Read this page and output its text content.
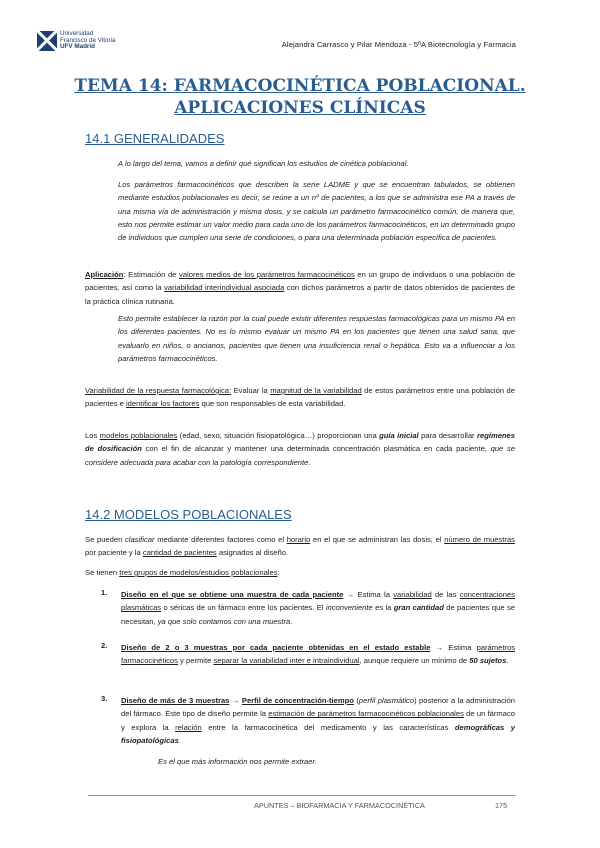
Universidad
Francisco de Vitoria
UFV Madrid	Alejandra Carrasco y Pilar Mendoza - 5ºA Biotecnología y Farmacia
TEMA 14: FARMACOCINÉTICA POBLACIONAL.
APLICACIONES CLÍNICAS
14.1 GENERALIDADES
A lo largo del tema, vamos a definir qué significan los estudios de cinética poblacional.
Los parámetros farmacocinéticos que describen la serie LADME y que se encuentran tabulados, se obtienen mediante estudios poblacionales es decir, se reúne a un nº de pacientes, a los que se administra ese PA a través de una misma vía de administración y misma dosis, y se calcula un parámetro farmacocinético común, de manera que, esto nos permite estimar un valor medio para cada uno de los parámetros farmacocinéticos, en un determinado grupo de individuos que cumplen una serie de condiciones, o para una determinada población específica de pacientes.
Aplicación: Estimación de valores medios de los parámetros farmacocinéticos en un grupo de individuos o una población de pacientes, así como la variabilidad interindividual asociada con dichos parámetros a partir de datos obtenidos de pacientes de la práctica clínica rutinaria.
Esto permite establecer la razón por la cual puede existir diferentes respuestas farmacológicas para un mismo PA en los diferentes pacientes. No es lo mismo evaluar un mismo PA en los pacientes que tienen una salud sana, que evaluarlo en niños, o ancianos, pacientes que tienen una insuficiencia renal o hepática. Esto va a influenciar a los parámetros farmacocinéticos.
Variabilidad de la respuesta farmacológica: Evaluar la magnitud de la variabilidad de estos parámetros entre una población de pacientes e identificar los factores que son responsables de esta variabilidad.
Los modelos poblacionales (edad, sexo, situación fisiopatológica…) proporcionan una guía inicial para desarrollar regímenes de dosificación con el fin de alcanzar y mantener una determinada concentración plasmática en cada paciente, que se considere adecuada para acabar con la patología correspondiente.
14.2 MODELOS POBLACIONALES
Se pueden clasificar mediante diferentes factores como el horario en el que se administran las dosis, el número de muestras por paciente y la cantidad de pacientes asignados al diseño.
Se tienen tres grupos de modelos/estudios poblacionales:
1. Diseño en el que se obtiene una muestra de cada paciente → Estima la variabilidad de las concentraciones plasmáticas o séricas de un fármaco entre los pacientes. El inconveniente es la gran cantidad de pacientes que se necesitan, ya que solo contamos con una muestra.
2. Diseño de 2 o 3 muestras por cada paciente obtenidas en el estado estable → Estima parámetros farmacocinéticos y permite separar la variabilidad inter e intraindividual, aunque requiere un mínimo de 50 sujetos.
3. Diseño de más de 3 muestras → Perfil de concentración-tiempo (perfil plasmático) posterior a la administración del fármaco. Este tipo de diseño permite la estimación de parámetros farmacocinéticos poblacionales de un fármaco y explora la relación entre la farmacocinética del medicamento y las características demográficas y fisiopatológicas.
Es el que más información nos permite extraer.
APUNTES – BIOFARMACIA Y FARMACOCINÉTICA	175
